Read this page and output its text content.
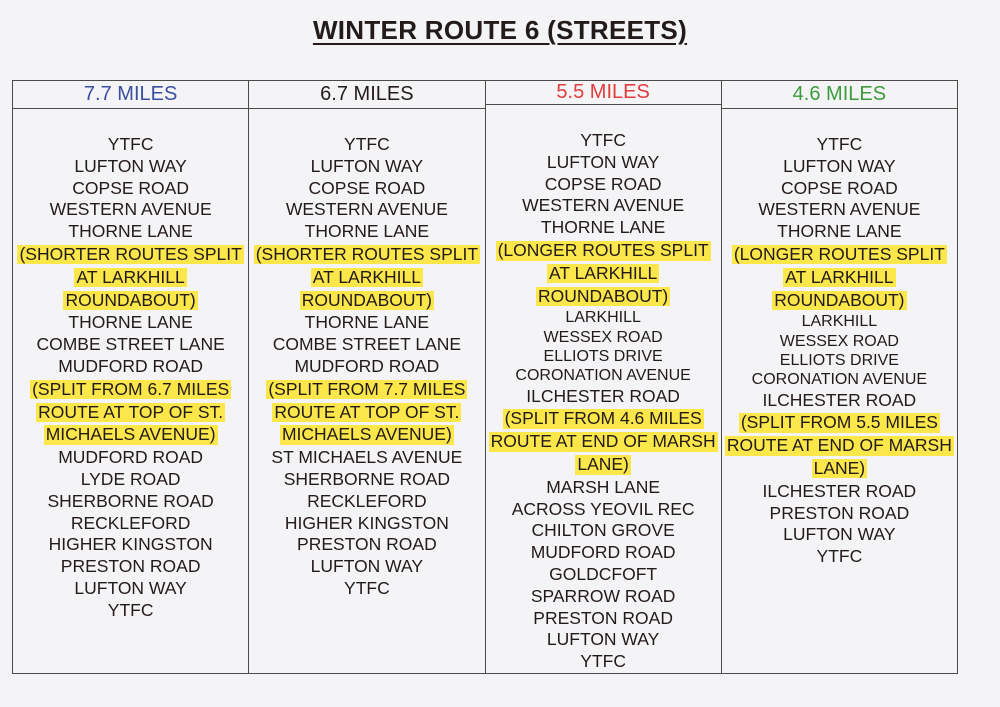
WINTER ROUTE 6 (STREETS)
7.7 MILES
YTFC
LUFTON WAY
COPSE ROAD
WESTERN AVENUE
THORNE LANE
(SHORTER ROUTES SPLIT
AT LARKHILL
ROUNDABOUT)
THORNE LANE
COMBE STREET LANE
MUDFORD ROAD
(SPLIT FROM 6.7 MILES
ROUTE AT TOP OF ST.
MICHAELS AVENUE)
MUDFORD ROAD
LYDE ROAD
SHERBORNE ROAD
RECKLEFORD
HIGHER KINGSTON
PRESTON ROAD
LUFTON WAY
YTFC
6.7 MILES
YTFC
LUFTON WAY
COPSE ROAD
WESTERN AVENUE
THORNE LANE
(SHORTER ROUTES SPLIT
AT LARKHILL
ROUNDABOUT)
THORNE LANE
COMBE STREET LANE
MUDFORD ROAD
(SPLIT FROM 7.7 MILES
ROUTE AT TOP OF ST.
MICHAELS AVENUE)
ST MICHAELS AVENUE
SHERBORNE ROAD
RECKLEFORD
HIGHER KINGSTON
PRESTON ROAD
LUFTON WAY
YTFC
5.5 MILES
YTFC
LUFTON WAY
COPSE ROAD
WESTERN AVENUE
THORNE LANE
(LONGER ROUTES SPLIT
AT LARKHILL
ROUNDABOUT)
LARKHILL
WESSEX ROAD
ELLIOTS DRIVE
CORONATION AVENUE
ILCHESTER ROAD
(SPLIT FROM 4.6 MILES
ROUTE AT END OF MARSH
LANE)
MARSH LANE
ACROSS YEOVIL REC
CHILTON GROVE
MUDFORD ROAD
GOLDCFOFT
SPARROW ROAD
PRESTON ROAD
LUFTON WAY
YTFC
4.6 MILES
YTFC
LUFTON WAY
COPSE ROAD
WESTERN AVENUE
THORNE LANE
(LONGER ROUTES SPLIT
AT LARKHILL
ROUNDABOUT)
LARKHILL
WESSEX ROAD
ELLIOTS DRIVE
CORONATION AVENUE
ILCHESTER ROAD
(SPLIT FROM 5.5 MILES
ROUTE AT END OF MARSH
LANE)
ILCHESTER ROAD
PRESTON ROAD
LUFTON WAY
YTFC
